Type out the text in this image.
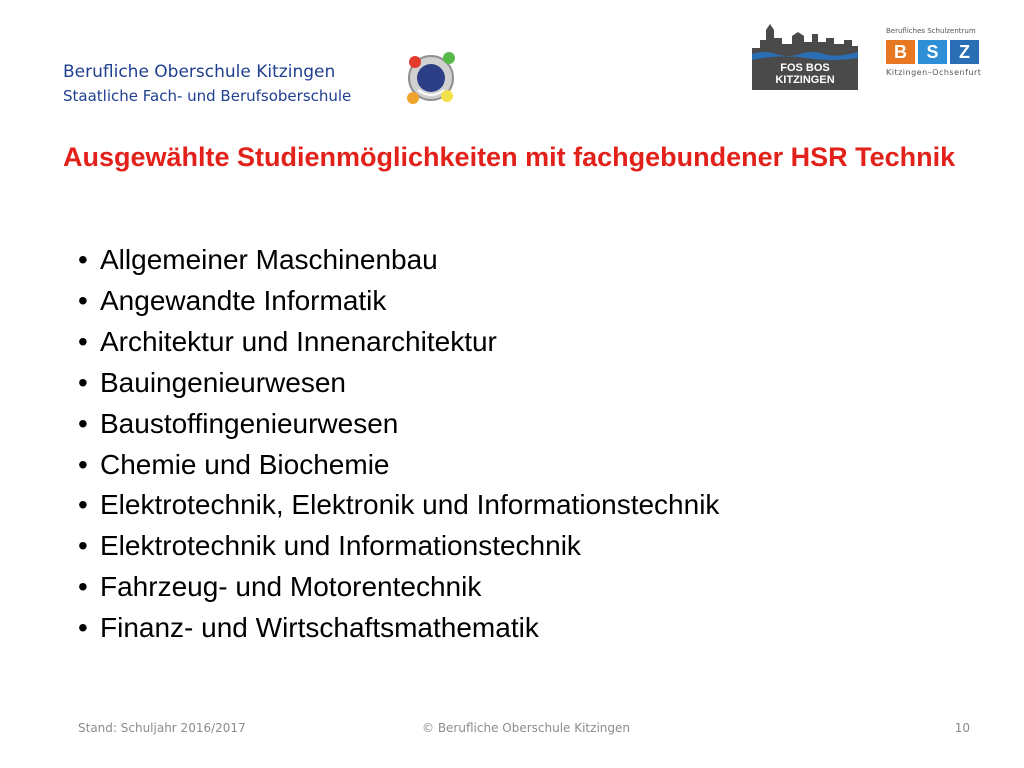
Berufliche Oberschule Kitzingen
Staatliche Fach- und Berufsoberschule
FOS BOS
KITZINGEN
Berufliches Schulzentrum
B	S	Z
Kitzingen–Ochsenfurt
Ausgewählte Studienmöglichkeiten mit fachgebundener HSR Technik
• Allgemeiner Maschinenbau
• Angewandte Informatik
• Architektur und Innenarchitektur
• Bauingenieurwesen
• Baustoffingenieurwesen
• Chemie und Biochemie
• Elektrotechnik, Elektronik und Informationstechnik
• Elektrotechnik und Informationstechnik
• Fahrzeug- und Motorentechnik
• Finanz- und Wirtschaftsmathematik
Stand: Schuljahr 2016/2017	© Berufliche Oberschule Kitzingen	10
